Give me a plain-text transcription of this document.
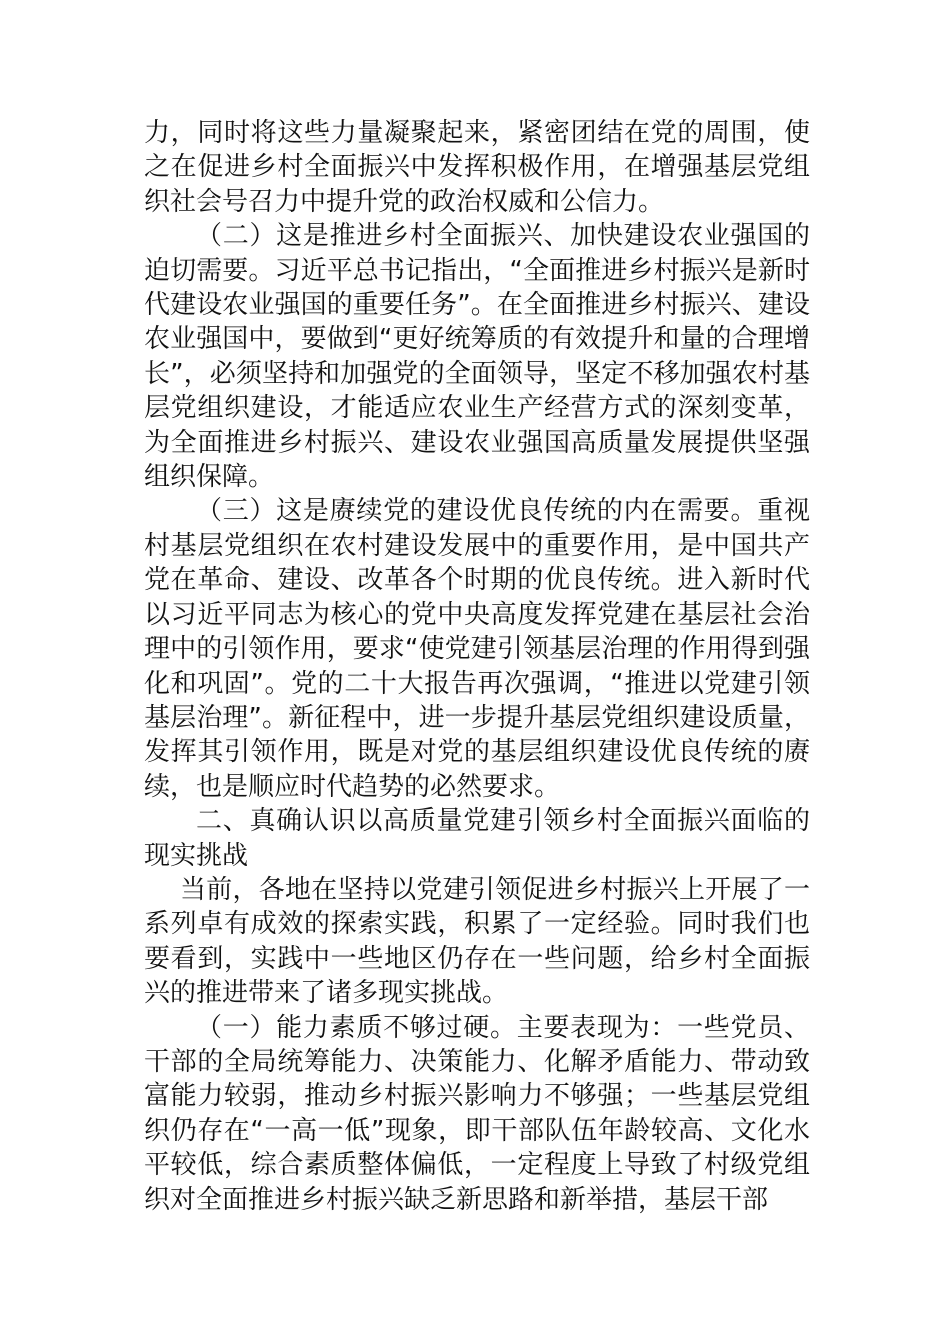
力，同时将这些力量凝聚起来，紧密团结在党的周围，使之在促进乡村全面振兴中发挥积极作用，在增强基层党组织社会号召力中提升党的政治权威和公信力。

（二）这是推进乡村全面振兴、加快建设农业强国的迫切需要。习近平总书记指出，“全面推进乡村振兴是新时代建设农业强国的重要任务”。在全面推进乡村振兴、建设农业强国中，要做到“更好统筹质的有效提升和量的合理增长”，必须坚持和加强党的全面领导，坚定不移加强农村基层党组织建设，才能适应农业生产经营方式的深刻变革，为全面推进乡村振兴、建设农业强国高质量发展提供坚强组织保障。

（三）这是赓续党的建设优良传统的内在需要。重视村基层党组织在农村建设发展中的重要作用，是中国共产党在革命、建设、改革各个时期的优良传统。进入新时代以习近平同志为核心的党中央高度发挥党建在基层社会治理中的引领作用，要求“使党建引领基层治理的作用得到强化和巩固”。党的二十大报告再次强调，“推进以党建引领基层治理”。新征程中，进一步提升基层党组织建设质量，发挥其引领作用，既是对党的基层组织建设优良传统的赓续，也是顺应时代趋势的必然要求。

二、真确认识以高质量党建引领乡村全面振兴面临的现实挑战

当前，各地在坚持以党建引领促进乡村振兴上开展了一系列卓有成效的探索实践，积累了一定经验。同时我们也要看到，实践中一些地区仍存在一些问题，给乡村全面振兴的推进带来了诸多现实挑战。

（一）能力素质不够过硬。主要表现为：一些党员、干部的全局统筹能力、决策能力、化解矛盾能力、带动致富能力较弱，推动乡村振兴影响力不够强；一些基层党组织仍存在“一高一低”现象，即干部队伍年龄较高、文化水平较低，综合素质整体偏低，一定程度上导致了村级党组织对全面推进乡村振兴缺乏新思路和新举措，基层干部
